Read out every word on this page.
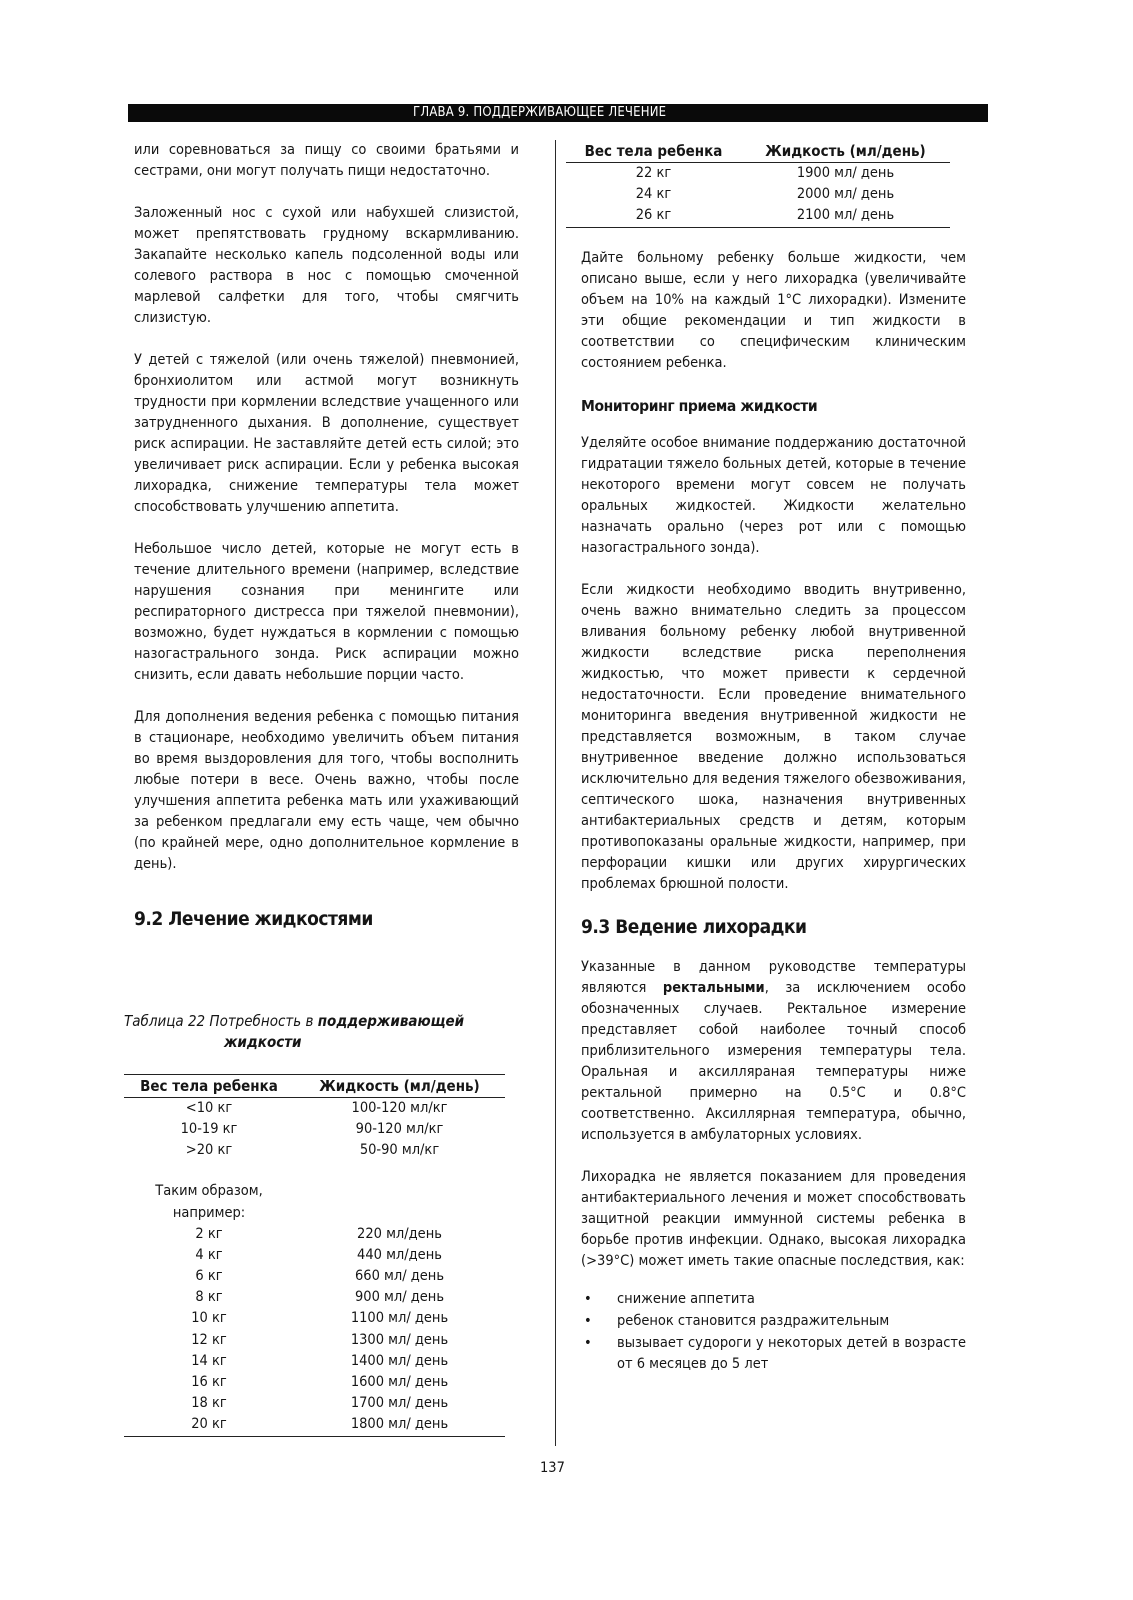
ГЛАВА 9. ПОДДЕРЖИВАЮЩЕЕ ЛЕЧЕНИЕ

или соревноваться за пищу со своими братьями и сестрами, они могут получать пищи недостаточно.

Заложенный нос с сухой или набухшей слизистой, может препятствовать грудному вскармливанию. Закапайте несколько капель подсоленной воды или солевого раствора в нос с помощью смоченной марлевой салфетки для того, чтобы смягчить слизистую.

У детей с тяжелой (или очень тяжелой) пневмонией, бронхиолитом или астмой могут возникнуть трудности при кормлении вследствие учащенного или затрудненного дыхания. В дополнение, существует риск аспирации. Не заставляйте детей есть силой; это увеличивает риск аспирации. Если у ребенка высокая лихорадка, снижение температуры тела может способствовать улучшению аппетита.

Небольшое число детей, которые не могут есть в течение длительного времени (например, вследствие нарушения сознания при менингите или респираторного дистресса при тяжелой пневмонии), возможно, будет нуждаться в кормлении с помощью назогастрального зонда. Риск аспирации можно снизить, если давать небольшие порции часто.

Для дополнения ведения ребенка с помощью питания в стационаре, необходимо увеличить объем питания во время выздоровления для того, чтобы восполнить любые потери в весе. Очень важно, чтобы после улучшения аппетита ребенка мать или ухаживающий за ребенком предлагали ему есть чаще, чем обычно (по крайней мере, одно дополнительное кормление в день).

9.2 Лечение жидкостями
Таблица 22 Потребность в поддерживающей
жидкости
Вес тела ребенка	Жидкость (мл/день)
<10 кг	100-120 мл/кг
10-19 кг	90-120 мл/кг
>20 кг	50-90 мл/кг

Таким образом,	
например:	
2 кг	220 мл/день
4 кг	440 мл/день
6 кг	660 мл/ день
8 кг	900 мл/ день
10 кг	1100 мл/ день
12 кг	1300 мл/ день
14 кг	1400 мл/ день
16 кг	1600 мл/ день
18 кг	1700 мл/ день
20 кг	1800 мл/ день
Вес тела ребенка	Жидкость (мл/день)
22 кг	1900 мл/ день
24 кг	2000 мл/ день
26 кг	2100 мл/ день

Дайте больному ребенку больше жидкости, чем описано выше, если у него лихорадка (увеличивайте объем на 10% на каждый 1°С лихорадки). Измените эти общие рекомендации и тип жидкости в соответствии со специфическим клиническим состоянием ребенка.

Мониторинг приема жидкости

Уделяйте особое внимание поддержанию достаточной гидратации тяжело больных детей, которые в течение некоторого времени могут совсем не получать оральных жидкостей. Жидкости желательно назначать орально (через рот или с помощью назогастрального зонда).

Если жидкости необходимо вводить внутривенно, очень важно внимательно следить за процессом вливания больному ребенку любой внутривенной жидкости вследствие риска переполнения жидкостью, что может привести к сердечной недостаточности. Если проведение внимательного мониторинга введения внутривенной жидкости не представляется возможным, в таком случае внутривенное введение должно использоваться исключительно для ведения тяжелого обезвоживания, септического шока, назначения внутривенных антибактериальных средств и детям, которым противопоказаны оральные жидкости, например, при перфорации кишки или других хирургических проблемах брюшной полости.

9.3 Ведение лихорадки

Указанные в данном руководстве температуры являются ректальными, за исключением особо обозначенных случаев. Ректальное измерение представляет собой наиболее точный способ приблизительного измерения температуры тела. Оральная и аксилляраная температуры ниже ректальной примерно на 0.5°С и 0.8°С соответственно. Аксиллярная температура, обычно, используется в амбулаторных условиях.

Лихорадка не является показанием для проведения антибактериального лечения и может способствовать защитной реакции иммунной системы ребенка в борьбе против инфекции. Однако, высокая лихорадка (>39°С) может иметь такие опасные последствия, как:

• снижение аппетита
• ребенок становится раздражительным
• вызывает судороги у некоторых детей в возрасте от 6 месяцев до 5 лет
137
